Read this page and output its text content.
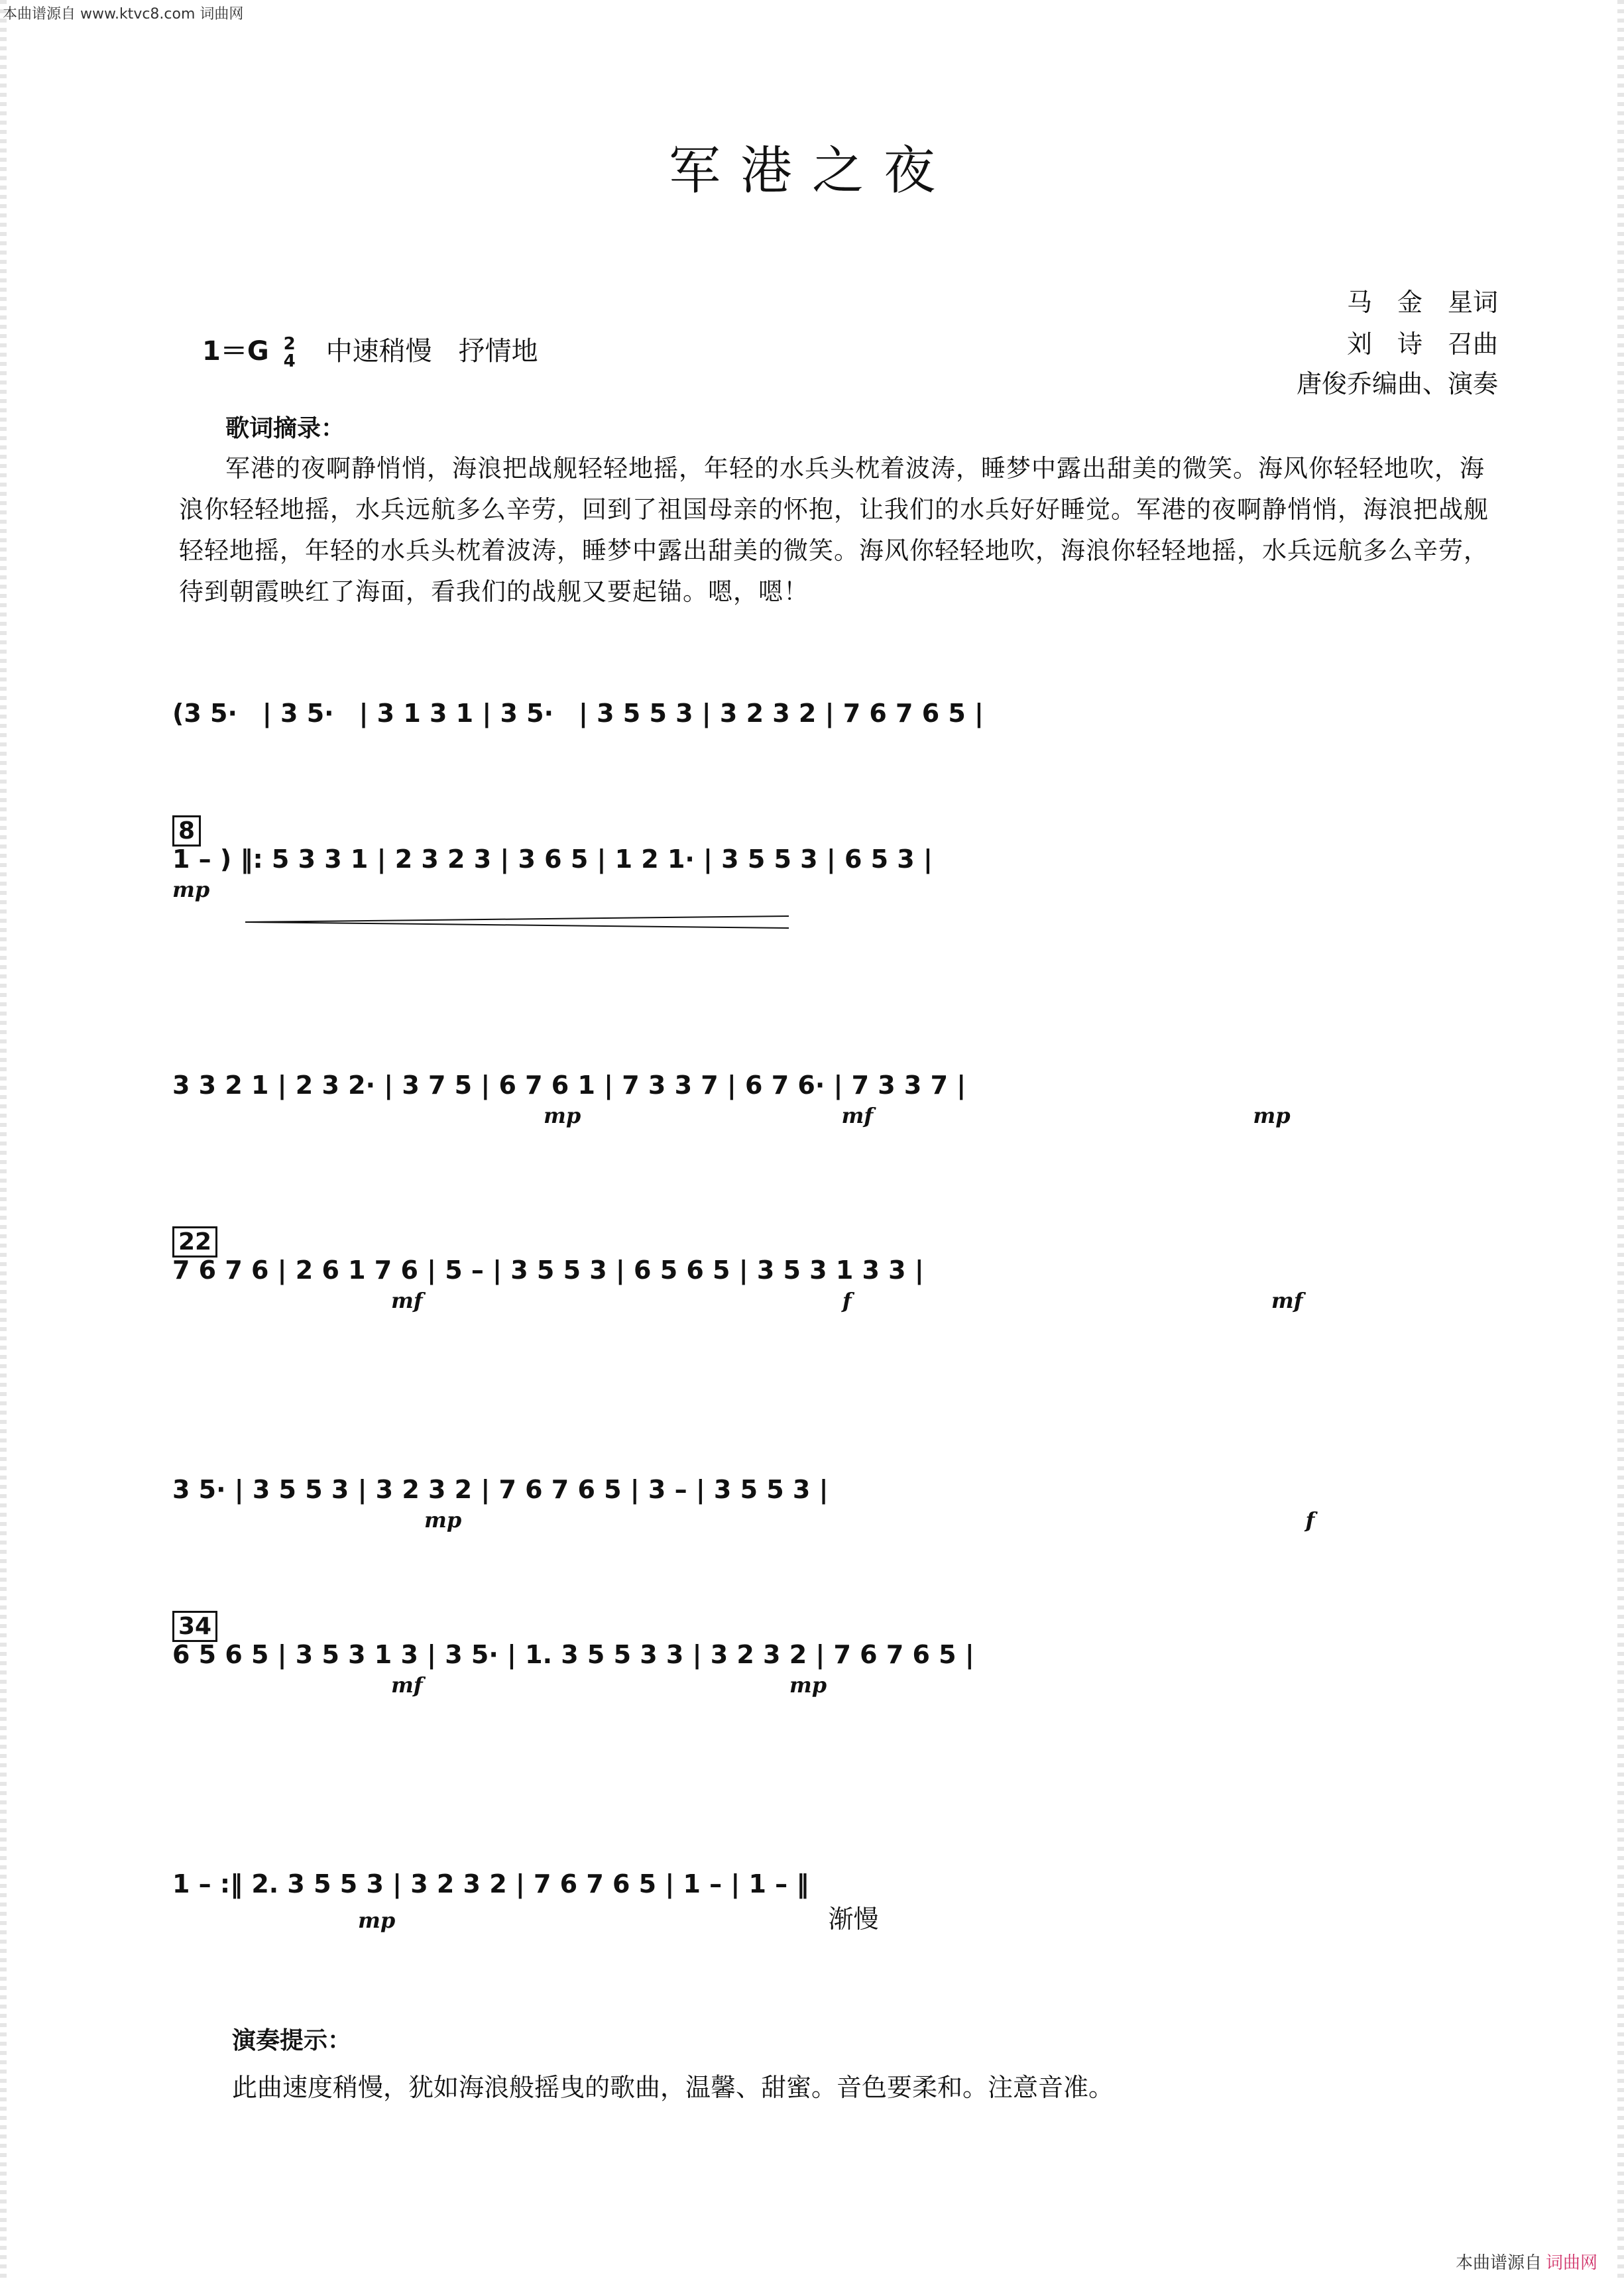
本曲谱源自 www.ktvc8.com 词曲网
军港之夜
马　金　星词
刘　诗　召曲
唐俊乔编曲、演奏
1＝G 2
4 中速稍慢　抒情地
歌词摘录：
军港的夜啊静悄悄，海浪把战舰轻轻地摇，年轻的水兵头枕着波涛，睡梦中露出甜美的微笑。海风你轻轻地吹，海浪你轻轻地摇，水兵远航多么辛劳，回到了祖国母亲的怀抱，让我们的水兵好好睡觉。军港的夜啊静悄悄，海浪把战舰轻轻地摇，年轻的水兵头枕着波涛，睡梦中露出甜美的微笑。海风你轻轻地吹，海浪你轻轻地摇，水兵远航多么辛劳，待到朝霞映红了海面，看我们的战舰又要起锚。嗯，嗯！
(3 5·　| 3 5·　| 3 1 3 1 | 3 5·　| 3 5 5 3 | 3 2 3 2 | 7 6 7 6 5 |
8
1 – ) ‖: 5 3 3 1 | 2 3 2 3 | 3 6 5 | 1 2 1· | 3 5 5 3 | 6 5 3 |
mp
3 3 2 1 | 2 3 2· | 3 7 5 | 6 7 6 1 | 7 3 3 7 | 6 7 6· | 7 3 3 7 |
mp	mf	mp
22
7 6 7 6 | 2 6 1 7 6 | 5 – | 3 5 5 3 | 6 5 6 5 | 3 5 3 1 3 3 |
mf	f	mf
3 5· | 3 5 5 3 | 3 2 3 2 | 7 6 7 6 5 | 3 – | 3 5 5 3 |
mp	f
34
6 5 6 5 | 3 5 3 1 3 | 3 5· | 1. 3 5 5 3 3 | 3 2 3 2 | 7 6 7 6 5 |
mf	mp
1 – :‖ 2. 3 5 5 3 | 3 2 3 2 | 7 6 7 6 5 | 1 – | 1 – ‖
mp	渐慢
演奏提示：
此曲速度稍慢，犹如海浪般摇曳的歌曲，温馨、甜蜜。音色要柔和。注意音准。
本曲谱源自 词曲网
